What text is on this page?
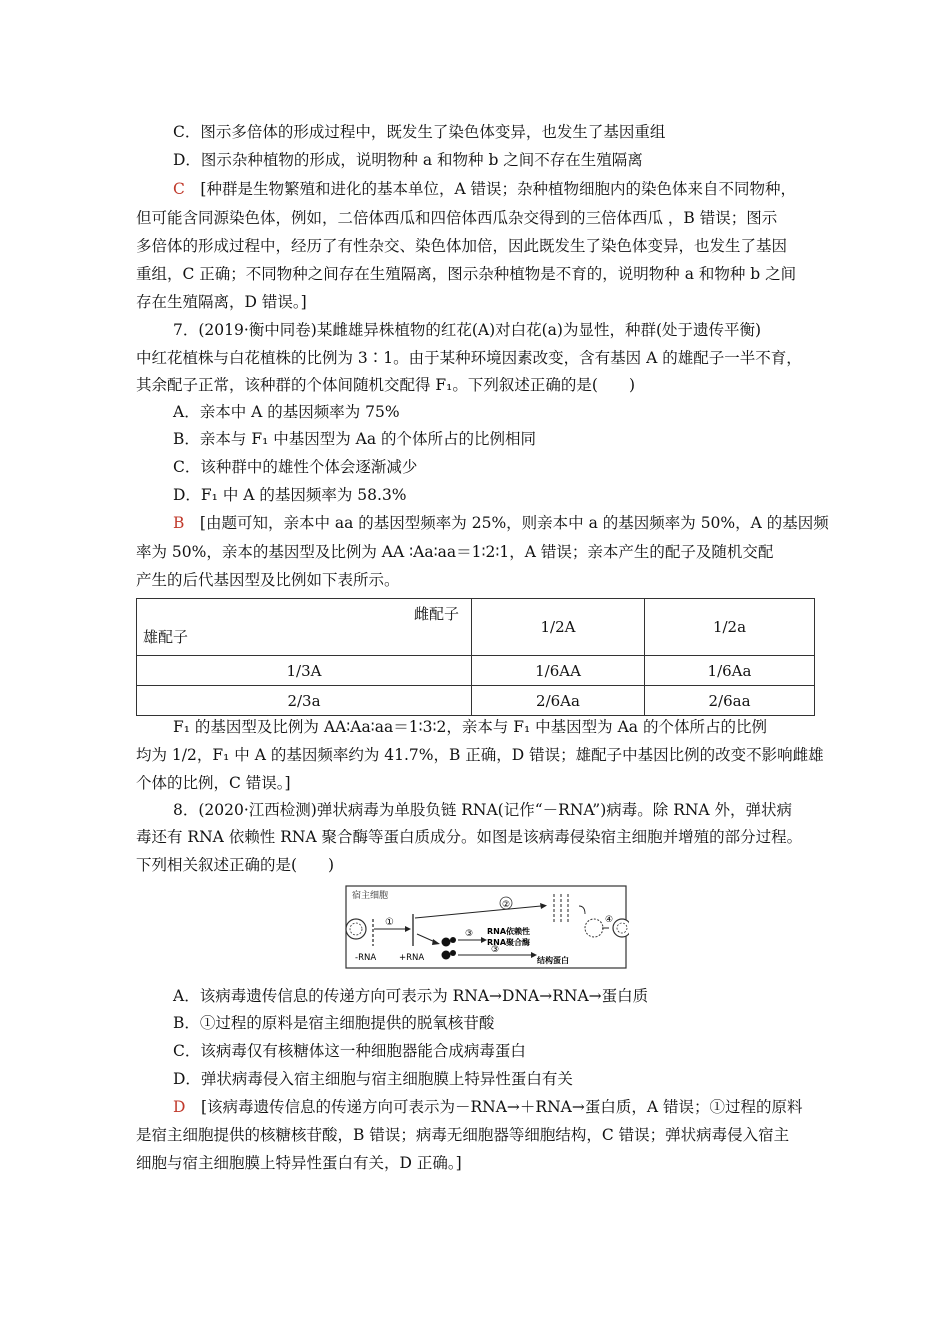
C．图示多倍体的形成过程中，既发生了染色体变异，也发生了基因重组
D．图示杂种植物的形成，说明物种 a 和物种 b 之间不存在生殖隔离
C　 [种群是生物繁殖和进化的基本单位，A 错误；杂种植物细胞内的染色体来自不同物种，
但可能含同源染色体，例如，二倍体西瓜和四倍体西瓜杂交得到的三倍体西瓜 ，B 错误；图示
多倍体的形成过程中，经历了有性杂交、染色体加倍，因此既发生了染色体变异，也发生了基因
重组，C 正确；不同物种之间存在生殖隔离，图示杂种植物是不育的，说明物种 a 和物种 b 之间
存在生殖隔离，D 错误。]
7．(2019·衡中同卷)某雌雄异株植物的红花(A)对白花(a)为显性，种群(处于遗传平衡)
中红花植株与白花植株的比例为 3∶1。由于某种环境因素改变，含有基因 A 的雄配子一半不育，
其余配子正常，该种群的个体间随机交配得 F₁。下列叙述正确的是(　　)
A．亲本中 A 的基因频率为 75%
B．亲本与 F₁ 中基因型为 Aa 的个体所占的比例相同
C．该种群中的雄性个体会逐渐减少
D．F₁ 中 A 的基因频率为 58.3%
B　 [由题可知，亲本中 aa 的基因型频率为 25%，则亲本中 a 的基因频率为 50%，A 的基因频
率为 50%，亲本的基因型及比例为 AA ∶Aa∶aa＝1∶2∶1，A 错误；亲本产生的配子及随机交配
产生的后代基因型及比例如下表所示。
雌配子
雄配子	1/2A	1/2a
1/3A	1/6AA	1/6Aa
2/3a	2/6Aa	2/6aa
F₁ 的基因型及比例为 AA∶Aa∶aa＝1∶3∶2，亲本与 F₁ 中基因型为 Aa 的个体所占的比例
均为 1/2，F₁ 中 A 的基因频率约为 41.7%，B 正确，D 错误；雄配子中基因比例的改变不影响雌雄
个体的比例，C 错误。]
8．(2020·江西检测)弹状病毒为单股负链 RNA(记作“－RNA”)病毒。除 RNA 外，弹状病
毒还有 RNA 依赖性 RNA 聚合酶等蛋白质成分。如图是该病毒侵染宿主细胞并增殖的部分过程。
下列相关叙述正确的是(　　)
宿主细胞
①
-RNA	+RNA
②
③ RNA依赖性
RNA聚合酶
③
结构蛋白
④
A．该病毒遗传信息的传递方向可表示为 RNA→DNA→RNA→蛋白质
B．①过程的原料是宿主细胞提供的脱氧核苷酸
C．该病毒仅有核糖体这一种细胞器能合成病毒蛋白
D．弹状病毒侵入宿主细胞与宿主细胞膜上特异性蛋白有关
D　 [该病毒遗传信息的传递方向可表示为－RNA→＋RNA→蛋白质，A 错误；①过程的原料
是宿主细胞提供的核糖核苷酸，B 错误；病毒无细胞器等细胞结构，C 错误；弹状病毒侵入宿主
细胞与宿主细胞膜上特异性蛋白有关，D 正确。]
